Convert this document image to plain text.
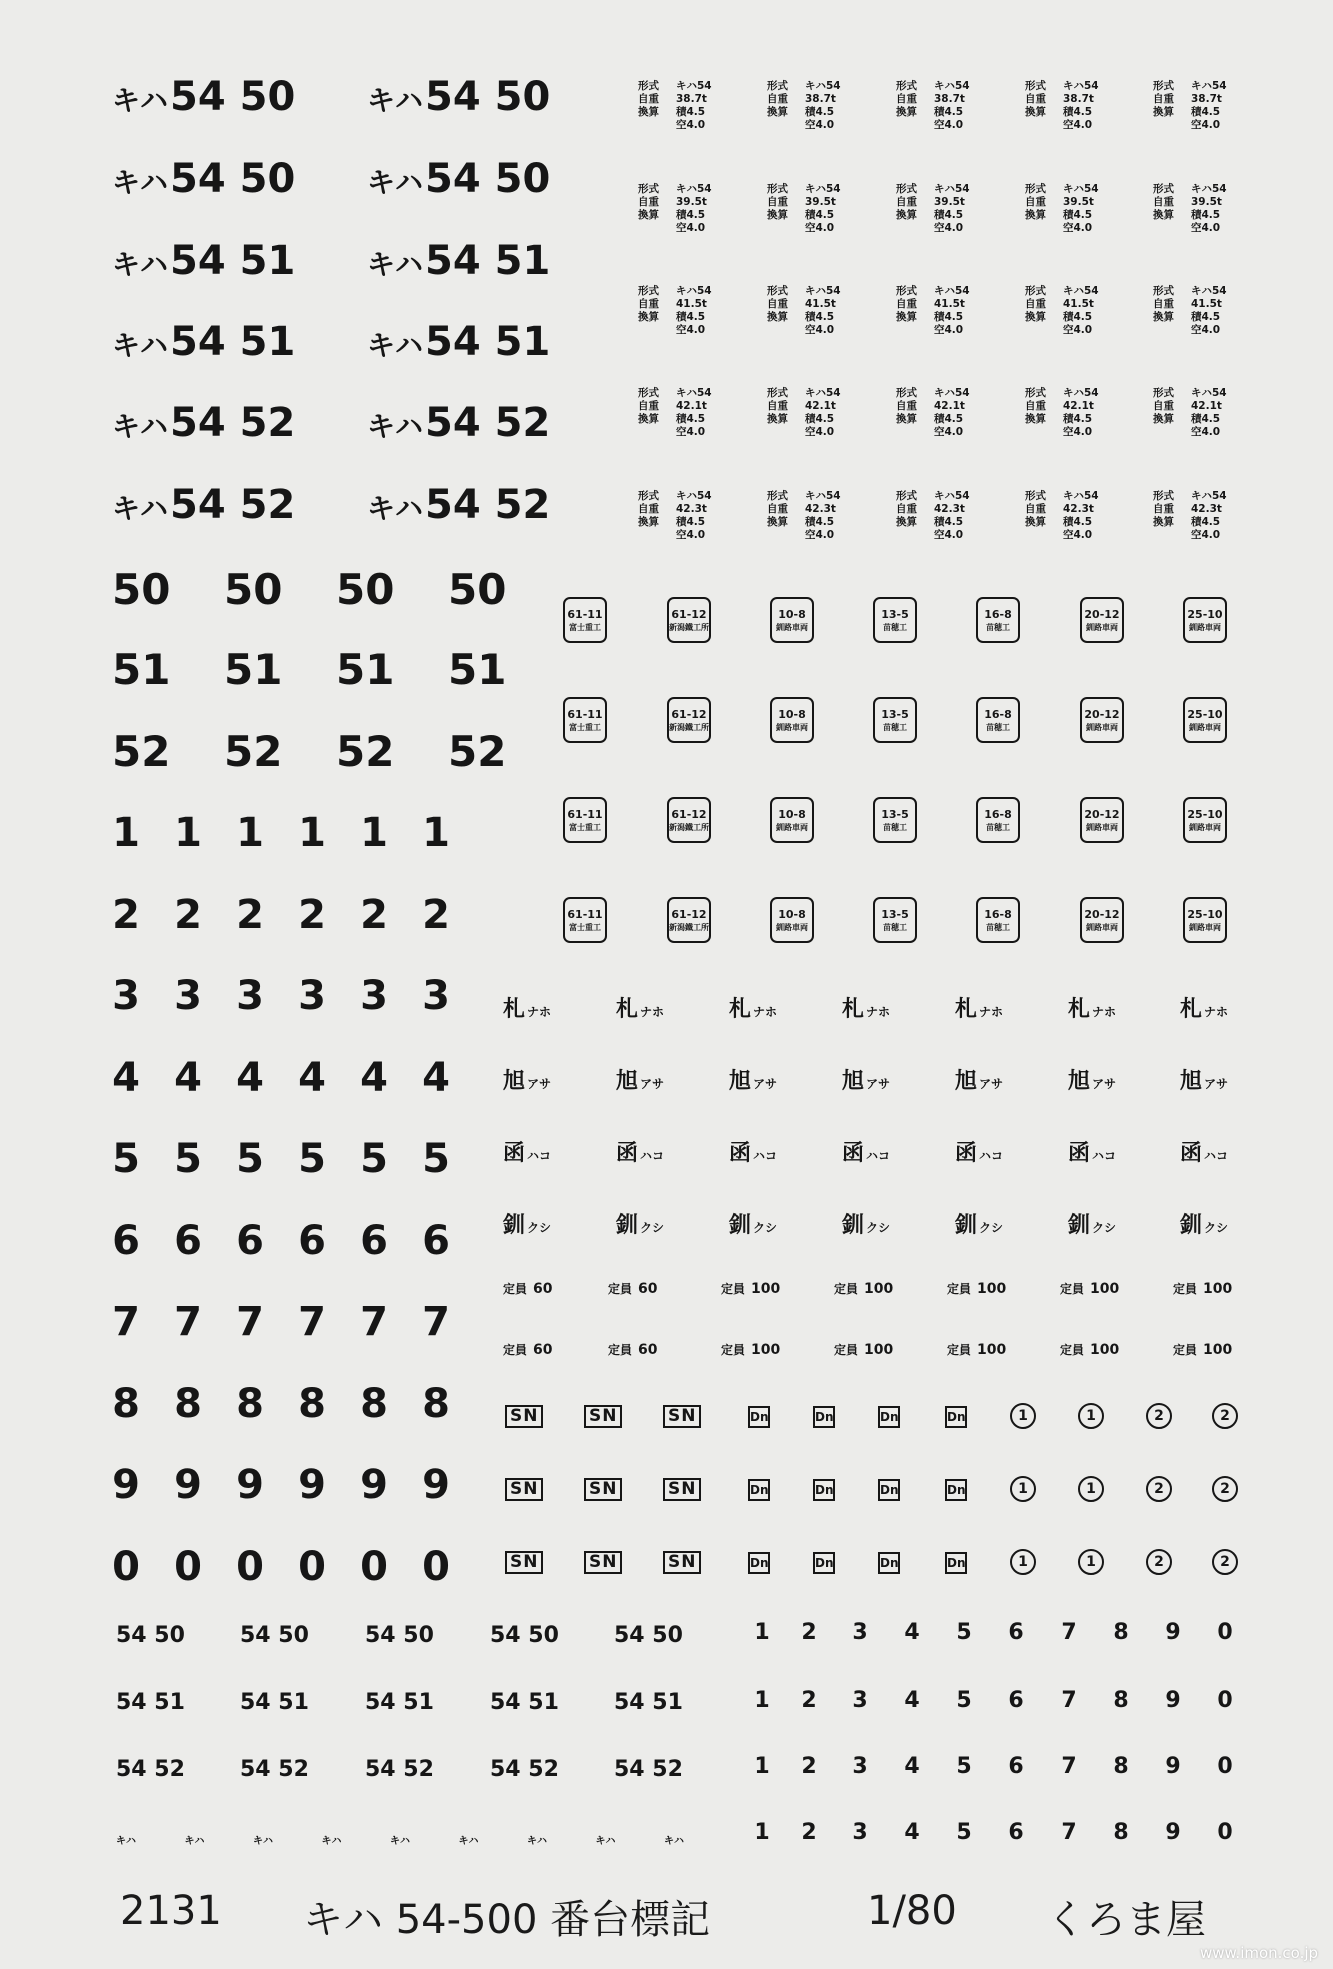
キハ54 50	キハ54 50
キハ54 50	キハ54 50
キハ54 51	キハ54 51
キハ54 51	キハ54 51
キハ54 52	キハ54 52
キハ54 52	キハ54 52
50 50 50 50
51 51 51 51
52 52 52 52
1 1 1 1 1 1
2 2 2 2 2 2
3 3 3 3 3 3
4 4 4 4 4 4
5 5 5 5 5 5
6 6 6 6 6 6
7 7 7 7 7 7
8 8 8 8 8 8
9 9 9 9 9 9
0 0 0 0 0 0
形式	キハ54
自重	38.7t
換算	積4.5
空4.0
形式	キハ54
自重	38.7t
換算	積4.5
空4.0
形式	キハ54
自重	38.7t
換算	積4.5
空4.0
形式	キハ54
自重	38.7t
換算	積4.5
空4.0
形式	キハ54
自重	38.7t
換算	積4.5
空4.0
形式	キハ54
自重	39.5t
換算	積4.5
空4.0
形式	キハ54
自重	39.5t
換算	積4.5
空4.0
形式	キハ54
自重	39.5t
換算	積4.5
空4.0
形式	キハ54
自重	39.5t
換算	積4.5
空4.0
形式	キハ54
自重	39.5t
換算	積4.5
空4.0
形式	キハ54
自重	41.5t
換算	積4.5
空4.0
形式	キハ54
自重	41.5t
換算	積4.5
空4.0
形式	キハ54
自重	41.5t
換算	積4.5
空4.0
形式	キハ54
自重	41.5t
換算	積4.5
空4.0
形式	キハ54
自重	41.5t
換算	積4.5
空4.0
形式	キハ54
自重	42.1t
換算	積4.5
空4.0
形式	キハ54
自重	42.1t
換算	積4.5
空4.0
形式	キハ54
自重	42.1t
換算	積4.5
空4.0
形式	キハ54
自重	42.1t
換算	積4.5
空4.0
形式	キハ54
自重	42.1t
換算	積4.5
空4.0
形式	キハ54
自重	42.3t
換算	積4.5
空4.0
形式	キハ54
自重	42.3t
換算	積4.5
空4.0
形式	キハ54
自重	42.3t
換算	積4.5
空4.0
形式	キハ54
自重	42.3t
換算	積4.5
空4.0
形式	キハ54
自重	42.3t
換算	積4.5
空4.0
61-11
富士重工
61-12
新潟鐵工所
10-8
釧路車両
13-5
苗穂工
16-8
苗穂工
20-12
釧路車両
25-10
釧路車両
61-11
富士重工
61-12
新潟鐵工所
10-8
釧路車両
13-5
苗穂工
16-8
苗穂工
20-12
釧路車両
25-10
釧路車両
61-11
富士重工
61-12
新潟鐵工所
10-8
釧路車両
13-5
苗穂工
16-8
苗穂工
20-12
釧路車両
25-10
釧路車両
61-11
富士重工
61-12
新潟鐵工所
10-8
釧路車両
13-5
苗穂工
16-8
苗穂工
20-12
釧路車両
25-10
釧路車両
札ナホ	札ナホ	札ナホ	札ナホ	札ナホ	札ナホ	札ナホ
旭アサ	旭アサ	旭アサ	旭アサ	旭アサ	旭アサ	旭アサ
函ハコ	函ハコ	函ハコ	函ハコ	函ハコ	函ハコ	函ハコ
釧クシ	釧クシ	釧クシ	釧クシ	釧クシ	釧クシ	釧クシ
定員 60	定員 60	定員 100	定員 100	定員 100	定員 100	定員 100
定員 60	定員 60	定員 100	定員 100	定員 100	定員 100	定員 100
SN	SN	SN	Dn	Dn	Dn	Dn	1	1	2	2
SN	SN	SN	Dn	Dn	Dn	Dn	1	1	2	2
SN	SN	SN	Dn	Dn	Dn	Dn	1	1	2	2
54 50	54 50	54 50	54 50	54 50
54 51	54 51	54 51	54 51	54 51
54 52	54 52	54 52	54 52	54 52
1 2 3 4 5 6 7 8 9 0
1 2 3 4 5 6 7 8 9 0
1 2 3 4 5 6 7 8 9 0
1 2 3 4 5 6 7 8 9 0
キハ	キハ	キハ	キハ	キハ	キハ	キハ	キハ	キハ
2131 キハ 54-500 番台標記	1/80 くろま屋
www.imon.co.jp
